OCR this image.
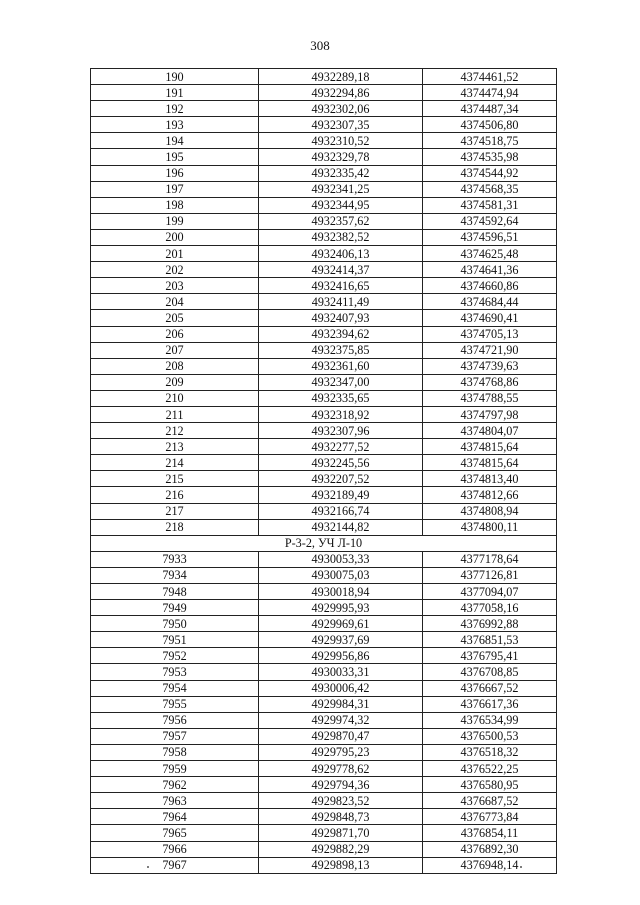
308
190	4932289,18	4374461,52
191	4932294,86	4374474,94
192	4932302,06	4374487,34
193	4932307,35	4374506,80
194	4932310,52	4374518,75
195	4932329,78	4374535,98
196	4932335,42	4374544,92
197	4932341,25	4374568,35
198	4932344,95	4374581,31
199	4932357,62	4374592,64
200	4932382,52	4374596,51
201	4932406,13	4374625,48
202	4932414,37	4374641,36
203	4932416,65	4374660,86
204	4932411,49	4374684,44
205	4932407,93	4374690,41
206	4932394,62	4374705,13
207	4932375,85	4374721,90
208	4932361,60	4374739,63
209	4932347,00	4374768,86
210	4932335,65	4374788,55
211	4932318,92	4374797,98
212	4932307,96	4374804,07
213	4932277,52	4374815,64
214	4932245,56	4374815,64
215	4932207,52	4374813,40
216	4932189,49	4374812,66
217	4932166,74	4374808,94
218	4932144,82	4374800,11
Р-3-2, УЧ Л-10		
7933	4930053,33	4377178,64
7934	4930075,03	4377126,81
7948	4930018,94	4377094,07
7949	4929995,93	4377058,16
7950	4929969,61	4376992,88
7951	4929937,69	4376851,53
7952	4929956,86	4376795,41
7953	4930033,31	4376708,85
7954	4930006,42	4376667,52
7955	4929984,31	4376617,36
7956	4929974,32	4376534,99
7957	4929870,47	4376500,53
7958	4929795,23	4376518,32
7959	4929778,62	4376522,25
7962	4929794,36	4376580,95
7963	4929823,52	4376687,52
7964	4929848,73	4376773,84
7965	4929871,70	4376854,11
7966	4929882,29	4376892,30
7967	4929898,13	4376948,14
